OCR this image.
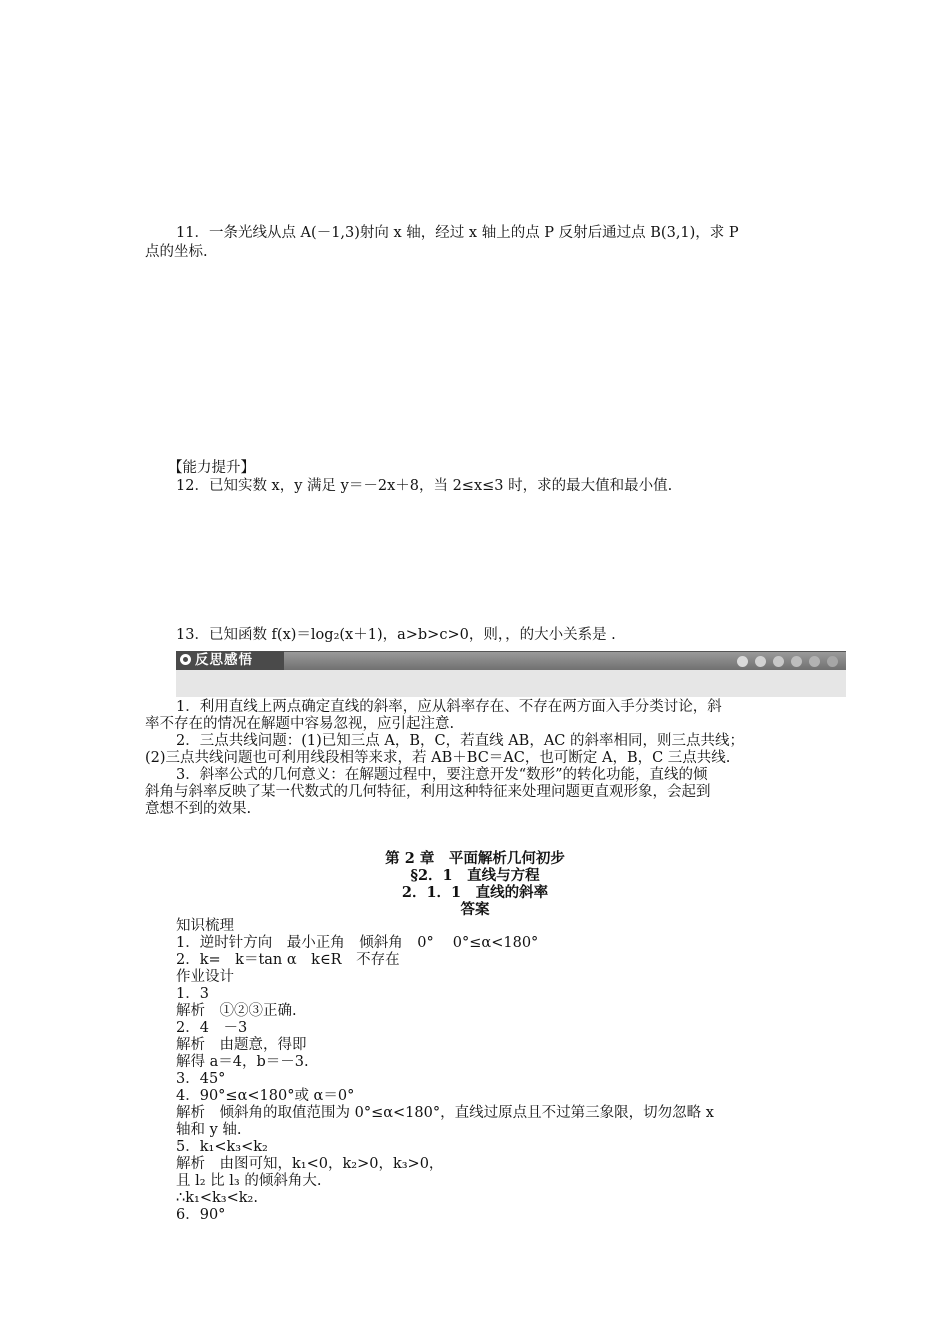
11．一条光线从点 A(－1,3)射向 x 轴，经过 x 轴上的点 P 反射后通过点 B(3,1)，求 P
点的坐标.
【能力提升】
12．已知实数 x，y 满足 y＝－2x＋8，当 2≤x≤3 时，求的最大值和最小值.
13．已知函数 f(x)＝log₂(x＋1)，a>b>c>0，则，，的大小关系是 .
反思感悟
1．利用直线上两点确定直线的斜率，应从斜率存在、不存在两方面入手分类讨论，斜
率不存在的情况在解题中容易忽视，应引起注意.
2．三点共线问题：(1)已知三点 A，B，C，若直线 AB，AC 的斜率相同，则三点共线；
(2)三点共线问题也可利用线段相等来求，若 AB＋BC＝AC，也可断定 A，B，C 三点共线.
3．斜率公式的几何意义：在解题过程中，要注意开发“数形”的转化功能，直线的倾
斜角与斜率反映了某一代数式的几何特征，利用这种特征来处理问题更直观形象，会起到
意想不到的效果.
第 2 章　平面解析几何初步
§2．1　直线与方程
2．1．1　直线的斜率
答案
知识梳理
1．逆时针方向　最小正角　倾斜角　0°　 0°≤α<180°
2．k=　k＝tan α　k∈R　不存在
作业设计
1．3
解析　①②③正确.
2．4　－3
解析　由题意，得即
解得 a＝4，b＝－3.
3．45°
4．90°≤α<180°或 α＝0°
解析　倾斜角的取值范围为 0°≤α<180°，直线过原点且不过第三象限，切勿忽略 x
轴和 y 轴.
5．k₁<k₃<k₂
解析　由图可知，k₁<0，k₂>0，k₃>0，
且 l₂ 比 l₃ 的倾斜角大.
∴k₁<k₃<k₂.
6．90°
